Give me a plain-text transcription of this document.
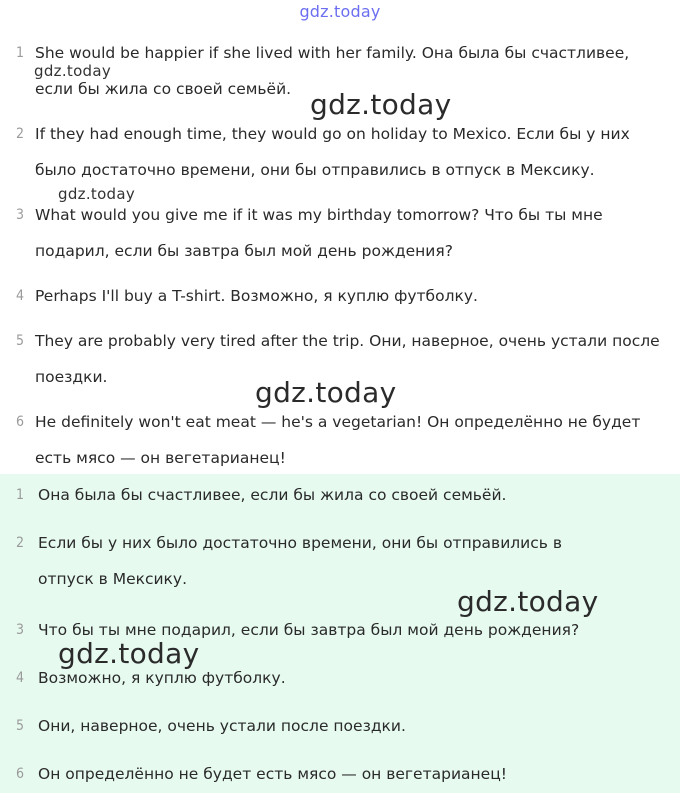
gdz.today
1 She would be happier if she lived with her family. Она была бы счастливее,
если бы жила со своей семьёй.
2 If they had enough time, they would go on holiday to Mexico. Если бы у них
было достаточно времени, они бы отправились в отпуск в Мексику.
3 What would you give me if it was my birthday tomorrow? Что бы ты мне
подарил, если бы завтра был мой день рождения?
4 Perhaps I'll buy a T-shirt. Возможно, я куплю футболку.
5 They are probably very tired after the trip. Они, наверное, очень устали после
поездки.
6 He definitely won't eat meat — he's a vegetarian! Он определённо не будет
есть мясо — он вегетарианец!
1 Она была бы счастливее, если бы жила со своей семьёй.
2 Если бы у них было достаточно времени, они бы отправились в
отпуск в Мексику.
3 Что бы ты мне подарил, если бы завтра был мой день рождения?
4 Возможно, я куплю футболку.
5 Они, наверное, очень устали после поездки.
6 Он определённо не будет есть мясо — он вегетарианец!
gdz.today
gdz.today
gdz.today
gdz.today
gdz.today
gdz.today
